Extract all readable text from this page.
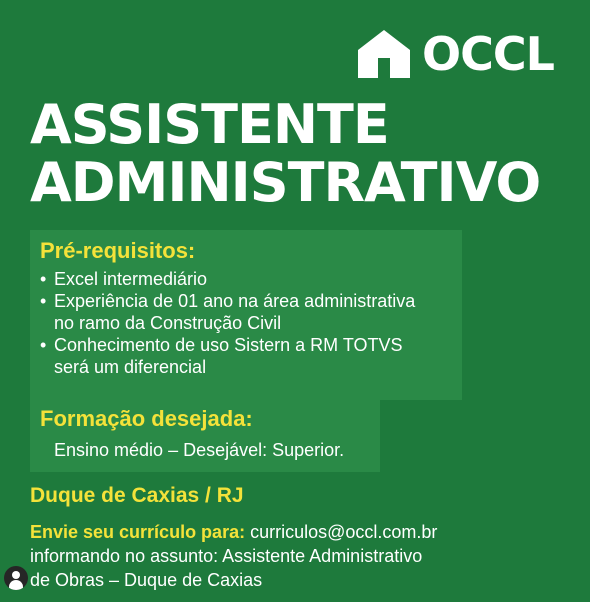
OCCL
ASSISTENTE
ADMINISTRATIVO

Pré-requisitos:

• Excel intermediário
• Experiência de 01 ano na área administrativa
no ramo da Construção Civil
• Conhecimento de uso Sistern a RM TOTVS
será um diferencial

Formação desejada:

Ensino médio – Desejável: Superior.

Duque de Caxias / RJ

Envie seu currículo para: curriculos@occl.com.br
informando no assunto: Assistente Administrativo
de Obras – Duque de Caxias
